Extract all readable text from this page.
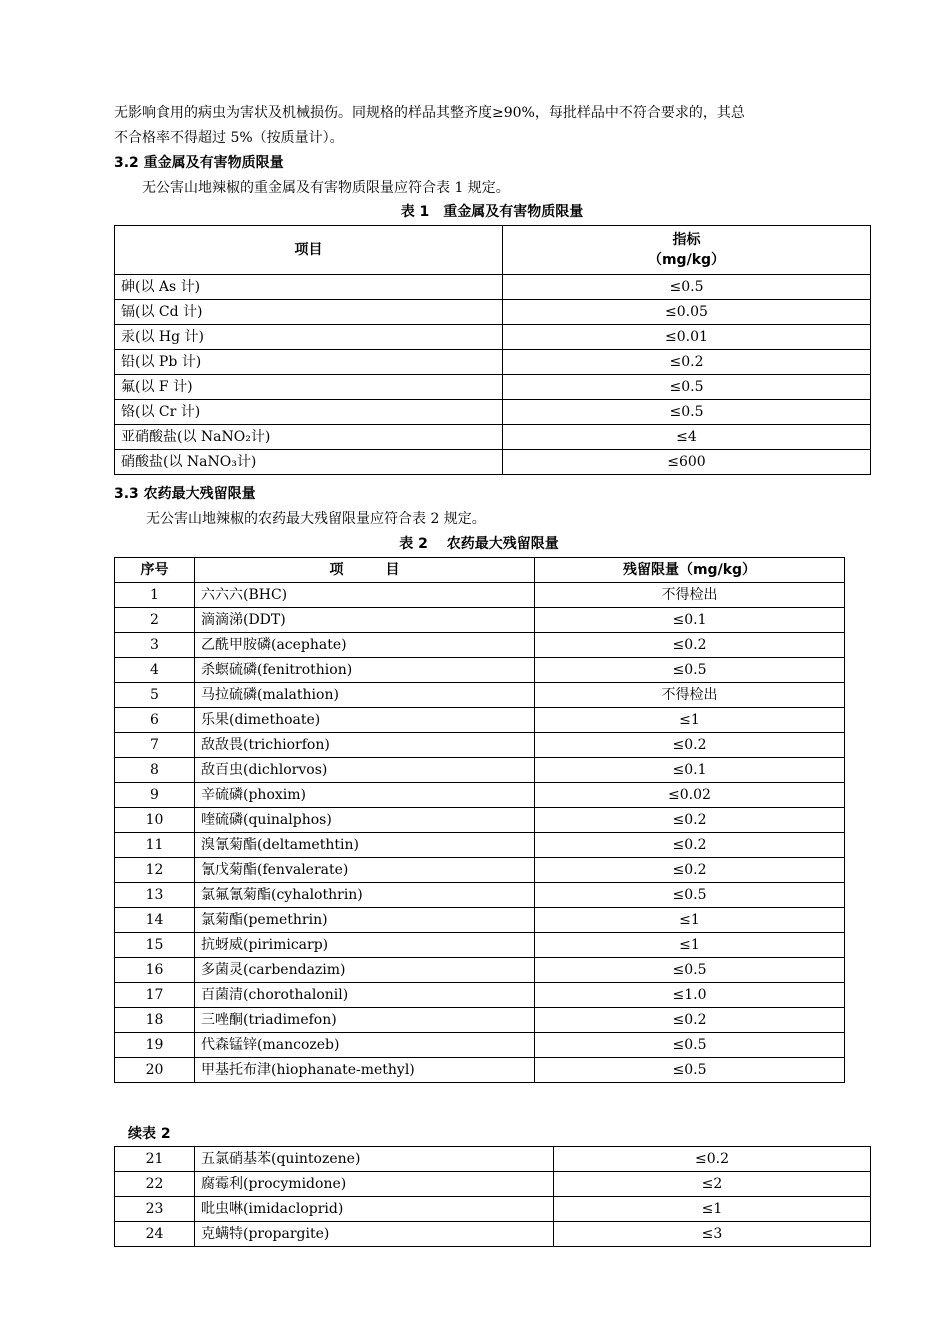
无影响食用的病虫为害状及机械损伤。同规格的样品其整齐度≥90%，每批样品中不符合要求的，其总
不合格率不得超过 5%（按质量计）。
3.2 重金属及有害物质限量
无公害山地辣椒的重金属及有害物质限量应符合表 1 规定。
表 1　重金属及有害物质限量
项目	指标
（mg/kg）

砷(以 As 计)	≤0.5
镉(以 Cd 计)	≤0.05
汞(以 Hg 计)	≤0.01
铅(以 Pb 计)	≤0.2
氟(以 F 计)	≤0.5
铬(以 Cr 计)	≤0.5
亚硝酸盐(以 NaNO₂计)	≤4
硝酸盐(以 NaNO₃计)	≤600
3.3 农药最大残留限量
无公害山地辣椒的农药最大残留限量应符合表 2 规定。
表 2　 农药最大残留限量
序号	项　　　目	残留限量（mg/kg）
1	六六六(BHC)	不得检出
2	滴滴涕(DDT)	≤0.1
3	乙酰甲胺磷(acephate)	≤0.2
4	杀螟硫磷(fenitrothion)	≤0.5
5	马拉硫磷(malathion)	不得检出
6	乐果(dimethoate)	≤1
7	敌敌畏(trichiorfon)	≤0.2
8	敌百虫(dichlorvos)	≤0.1
9	辛硫磷(phoxim)	≤0.02
10	喹硫磷(quinalphos)	≤0.2
11	溴氰菊酯(deltamethtin)	≤0.2
12	氰戊菊酯(fenvalerate)	≤0.2
13	氯氟氰菊酯(cyhalothrin)	≤0.5
14	氯菊酯(pemethrin)	≤1
15	抗蚜威(pirimicarp)	≤1
16	多菌灵(carbendazim)	≤0.5
17	百菌清(chorothalonil)	≤1.0
18	三唑酮(triadimefon)	≤0.2
19	代森锰锌(mancozeb)	≤0.5
20	甲基托布津(hiophanate-methyl)	≤0.5
续表 2
21	五氯硝基苯(quintozene)	≤0.2
22	腐霉利(procymidone)	≤2
23	吡虫啉(imidacloprid)	≤1
24	克螨特(propargite)	≤3
